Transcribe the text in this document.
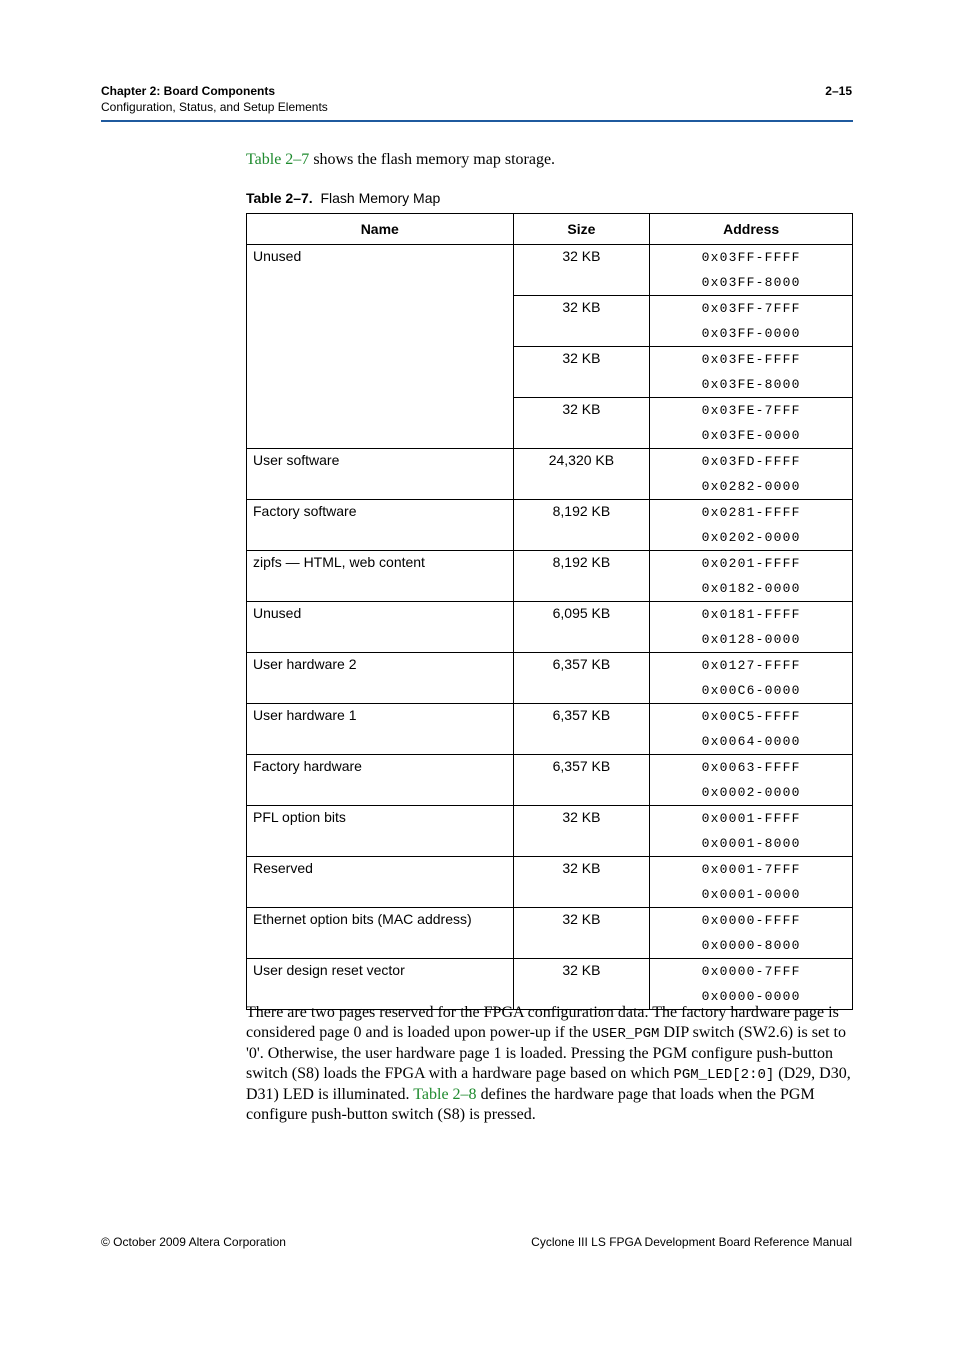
Chapter 2: Board Components
Configuration, Status, and Setup Elements
2–15
Table 2–7 shows the flash memory map storage.
Table 2–7. Flash Memory Map
Name	Size	Address
Unused	32 KB	0x03FF-FFFF
0x03FF-8000

	32 KB	0x03FF-7FFF
0x03FF-0000

	32 KB	0x03FE-FFFF
0x03FE-8000

	32 KB	0x03FE-7FFF
0x03FE-0000

User software	24,320 KB	0x03FD-FFFF
0x0282-0000

Factory software	8,192 KB	0x0281-FFFF
0x0202-0000

zipfs — HTML, web content	8,192 KB	0x0201-FFFF
0x0182-0000

Unused	6,095 KB	0x0181-FFFF
0x0128-0000

User hardware 2	6,357 KB	0x0127-FFFF
0x00C6-0000

User hardware 1	6,357 KB	0x00C5-FFFF
0x0064-0000

Factory hardware	6,357 KB	0x0063-FFFF
0x0002-0000

PFL option bits	32 KB	0x0001-FFFF
0x0001-8000

Reserved	32 KB	0x0001-7FFF
0x0001-0000

Ethernet option bits (MAC address)	32 KB	0x0000-FFFF
0x0000-8000

User design reset vector	32 KB	0x0000-7FFF
0x0000-0000
There are two pages reserved for the FPGA configuration data. The factory hardware page is considered page 0 and is loaded upon power-up if the USER_PGM DIP switch (SW2.6) is set to '0'. Otherwise, the user hardware page 1 is loaded. Pressing the PGM configure push-button switch (S8) loads the FPGA with a hardware page based on which PGM_LED[2:0] (D29, D30, D31) LED is illuminated. Table 2–8 defines the hardware page that loads when the PGM configure push-button switch (S8) is pressed.
© October 2009 Altera Corporation	Cyclone III LS FPGA Development Board Reference Manual
